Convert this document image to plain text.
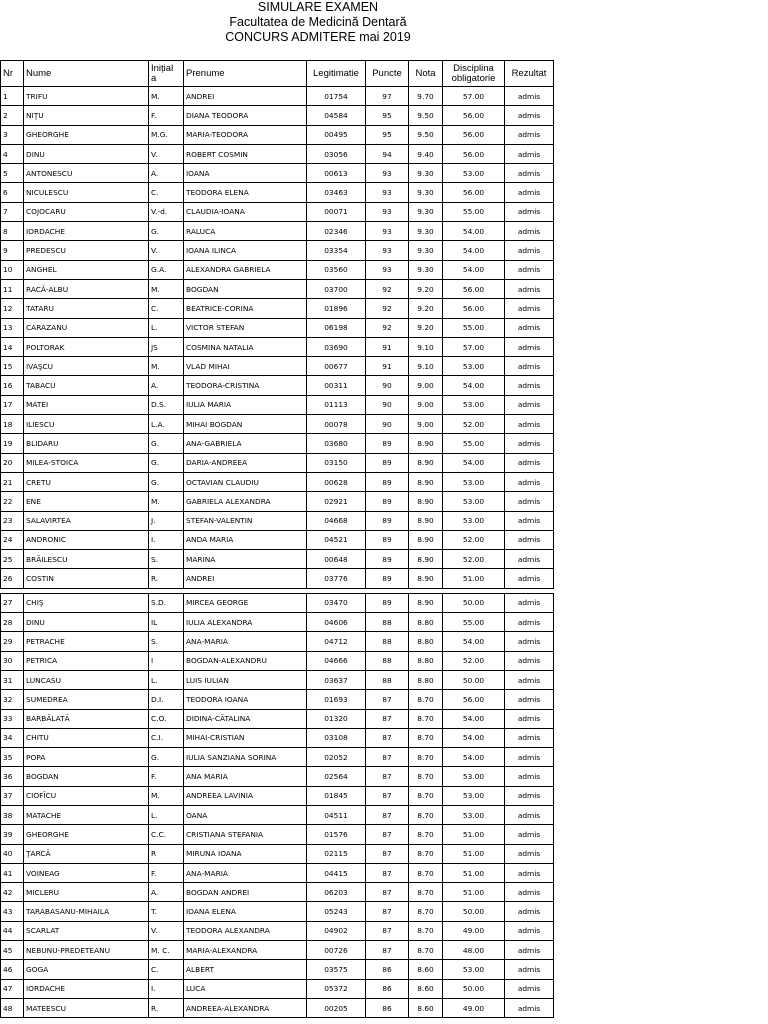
SIMULARE EXAMEN
Facultatea de Medicină Dentară
CONCURS ADMITERE mai 2019
Nr	Nume	Inițial a	Prenume	Legitimatie	Puncte	Nota	Disciplina obligatorie	Rezultat
1	TRIFU	M.	ANDREI	01754	97	9.70	57.00	admis
2	NIŢU	F.	DIANA TEODORA	04584	95	9.50	56.00	admis
3	GHEORGHE	M.G.	MARIA-TEODORA	00495	95	9.50	56.00	admis
4	DINU	V.	ROBERT COSMIN	03056	94	9.40	56.00	admis
5	ANTONESCU	A.	IOANA	00613	93	9.30	53.00	admis
6	NICULESCU	C.	TEODORA ELENA	03463	93	9.30	56.00	admis
7	COJOCARU	V.-d.	CLAUDIA-IOANA	00071	93	9.30	55.00	admis
8	IORDACHE	G.	RALUCA	02346	93	9.30	54.00	admis
9	PREDESCU	V.	IOANA ILINCA	03354	93	9.30	54.00	admis
10	ANGHEL	G.A.	ALEXANDRA GABRIELA	03560	93	9.30	54.00	admis
11	RACǍ-ALBU	M.	BOGDAN	03700	92	9.20	56.00	admis
12	TATARU	C.	BEATRICE-CORINA	01896	92	9.20	56.00	admis
13	CARAZANU	L.	VICTOR STEFAN	06198	92	9.20	55.00	admis
14	POLTORAK	JS	COSMINA NATALIA	03690	91	9.10	57.00	admis
15	IVAŞCU	M.	VLAD MIHAI	00677	91	9.10	53.00	admis
16	TABACU	A.	TEODORA-CRISTINA	00311	90	9.00	54.00	admis
17	MATEI	D.S.	IULIA MARIA	01113	90	9.00	53.00	admis
18	ILIESCU	L.A.	MIHAI BOGDAN	00078	90	9.00	52.00	admis
19	BLIDARU	G.	ANA-GABRIELA	03680	89	8.90	55.00	admis
20	MILEA-STOICA	G.	DARIA-ANDREEA	03150	89	8.90	54.00	admis
21	CRETU	G.	OCTAVIAN CLAUDIU	00628	89	8.90	53.00	admis
22	ENE	M.	GABRIELA ALEXANDRA	02921	89	8.90	53.00	admis
23	SALAVIRTEA	J.	STEFAN-VALENTIN	04668	89	8.90	53.00	admis
24	ANDRONIC	I.	ANDA MARIA	04521	89	8.90	52.00	admis
25	BRĂILESCU	S.	MARINA	00648	89	8.90	52.00	admis
26	COSTIN	R.	ANDREI	03776	89	8.90	51.00	admis

27	CHIŞ	S.D.	MIRCEA GEORGE	03470	89	8.90	50.00	admis
28	DINU	IL	IULIA ALEXANDRA	04606	88	8.80	55.00	admis
29	PETRACHE	S.	ANA-MARIA	04712	88	8.80	54.00	admis
30	PETRICA	I	BOGDAN-ALEXANDRU	04666	88	8.80	52.00	admis
31	LUNCASU	L.	LUIS IULIAN	03637	88	8.80	50.00	admis
32	SUMEDREA	D.I.	TEODORA IOANA	01693	87	8.70	56.00	admis
33	BARBĂLATĂ	C.O.	DIDINA-CĂTALINA	01320	87	8.70	54.00	admis
34	CHITU	C.I.	MIHAI-CRISTIAN	03108	87	8.70	54.00	admis
35	POPA	G.	IULIA SANZIANA SORINA	02052	87	8.70	54.00	admis
36	BOGDAN	F.	ANA MARIA	02564	87	8.70	53.00	admis
37	CIOFÎCU	M.	ANDREEA LAVINIA	01845	87	8.70	53.00	admis
38	MATACHE	L.	OANA	04511	87	8.70	53.00	admis
39	GHEORGHE	C.C.	CRISTIANA STEFANIA	01576	87	8.70	51.00	admis
40	ŢARCĂ	R	MIRUNA IOANA	02115	87	8.70	51.00	admis
41	VOINEAG	F.	ANA-MARIA	04415	87	8.70	51.00	admis
42	MICLERU	A.	BOGDAN ANDREI	06203	87	8.70	51.00	admis
43	TARABASANU-MIHAILA	T.	IOANA ELENA	05243	87	8.70	50.00	admis
44	SCARLAT	V.	TEODORA ALEXANDRA	04902	87	8.70	49.00	admis
45	NEBUNU-PREDETEANU	M. C.	MARIA-ALEXANDRA	00726	87	8.70	48.00	admis
46	GOGA	C.	ALBERT	03575	86	8.60	53.00	admis
47	IORDACHE	I.	LUCA	05372	86	8.60	50.00	admis
48	MATEESCU	R.	ANDREEA-ALEXANDRA	00205	86	8.60	49.00	admis
